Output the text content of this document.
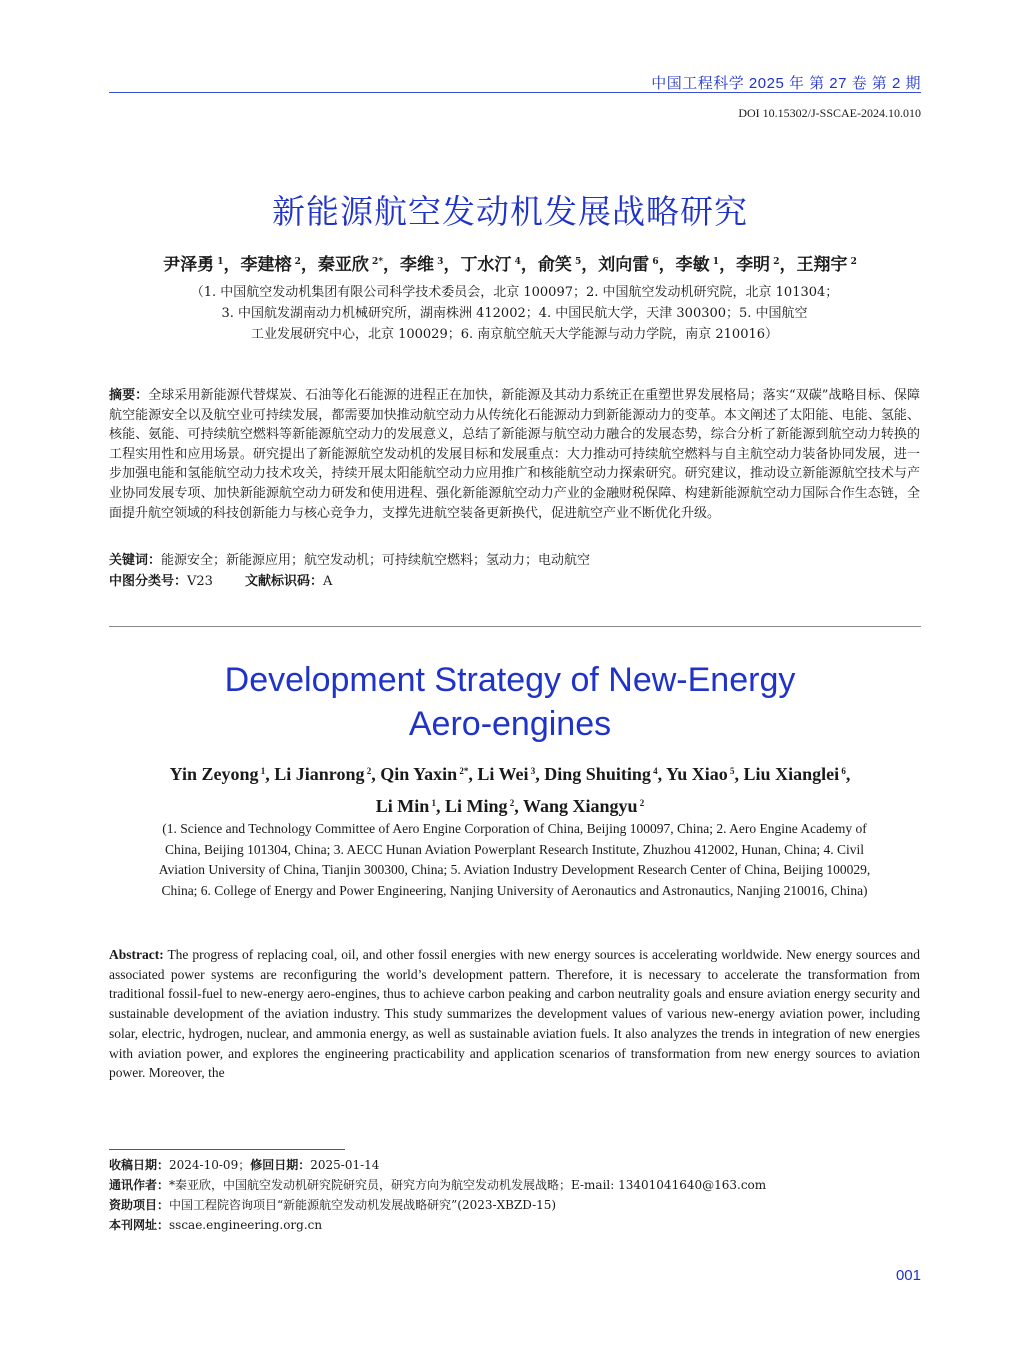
中国工程科学 2025 年 第 27 卷 第 2 期
DOI 10.15302/J-SSCAE-2024.10.010
新能源航空发动机发展战略研究
尹泽勇 $^1$，李建榕 $^2$，秦亚欣 $^{2*}$，李维 $^3$，丁水汀 $^4$，俞笑 $^5$，刘向雷 $^6$，李敏 $^1$，李明 $^2$，王翔宇 $^2$
（1. 中国航空发动机集团有限公司科学技术委员会，北京 100097；2. 中国航空发动机研究院，北京 101304；
3. 中国航发湖南动力机械研究所，湖南株洲 412002；4. 中国民航大学，天津 300300；5. 中国航空
工业发展研究中心，北京 100029；6. 南京航空航天大学能源与动力学院，南京 210016）
摘要：全球采用新能源代替煤炭、石油等化石能源的进程正在加快，新能源及其动力系统正在重塑世界发展格局；落实“双碳”战略目标、保障航空能源安全以及航空业可持续发展，都需要加快推动航空动力从传统化石能源动力到新能源动力的变革。本文阐述了太阳能、电能、氢能、核能、氨能、可持续航空燃料等新能源航空动力的发展意义，总结了新能源与航空动力融合的发展态势，综合分析了新能源到航空动力转换的工程实用性和应用场景。研究提出了新能源航空发动机的发展目标和发展重点：大力推动可持续航空燃料与自主航空动力装备协同发展，进一步加强电能和氢能航空动力技术攻关，持续开展太阳能航空动力应用推广和核能航空动力探索研究。研究建议，推动设立新能源航空技术与产业协同发展专项、加快新能源航空动力研发和使用进程、强化新能源航空动力产业的金融财税保障、构建新能源航空动力国际合作生态链，全面提升航空领域的科技创新能力与核心竞争力，支撑先进航空装备更新换代，促进航空产业不断优化升级。
关键词：能源安全；新能源应用；航空发动机；可持续航空燃料；氢动力；电动航空
中图分类号：V23 文献标识码：A
Development Strategy of New-Energy
Aero-engines
Yin Zeyong $^1$, Li Jianrong $^2$, Qin Yaxin $^{2*}$, Li Wei $^3$, Ding Shuiting $^4$, Yu Xiao $^5$, Liu Xianglei $^6$,
Li Min $^1$, Li Ming $^2$, Wang Xiangyu $^2$
(1. Science and Technology Committee of Aero Engine Corporation of China, Beijing 100097, China; 2. Aero Engine Academy of
China, Beijing 101304, China; 3. AECC Hunan Aviation Powerplant Research Institute, Zhuzhou 412002, Hunan, China; 4. Civil
Aviation University of China, Tianjin 300300, China; 5. Aviation Industry Development Research Center of China, Beijing 100029,
China; 6. College of Energy and Power Engineering, Nanjing University of Aeronautics and Astronautics, Nanjing 210016, China)
Abstract: The progress of replacing coal, oil, and other fossil energies with new energy sources is accelerating worldwide. New energy sources and associated power systems are reconfiguring the world’s development pattern. Therefore, it is necessary to accelerate the transformation from traditional fossil-fuel to new-energy aero-engines, thus to achieve carbon peaking and carbon neutrality goals and ensure aviation energy security and sustainable development of the aviation industry. This study summarizes the development values of various new-energy aviation power, including solar, electric, hydrogen, nuclear, and ammonia energy, as well as sustainable aviation fuels. It also analyzes the trends in integration of new energies with aviation power, and explores the engineering practicability and application scenarios of transformation from new energy sources to aviation power. Moreover, the
收稿日期：2024-10-09；修回日期：2025-01-14
通讯作者：*秦亚欣，中国航空发动机研究院研究员，研究方向为航空发动机发展战略；E-mail: 13401041640@163.com
资助项目：中国工程院咨询项目“新能源航空发动机发展战略研究”(2023-XBZD-15)
本刊网址：sscae.engineering.org.cn
001
